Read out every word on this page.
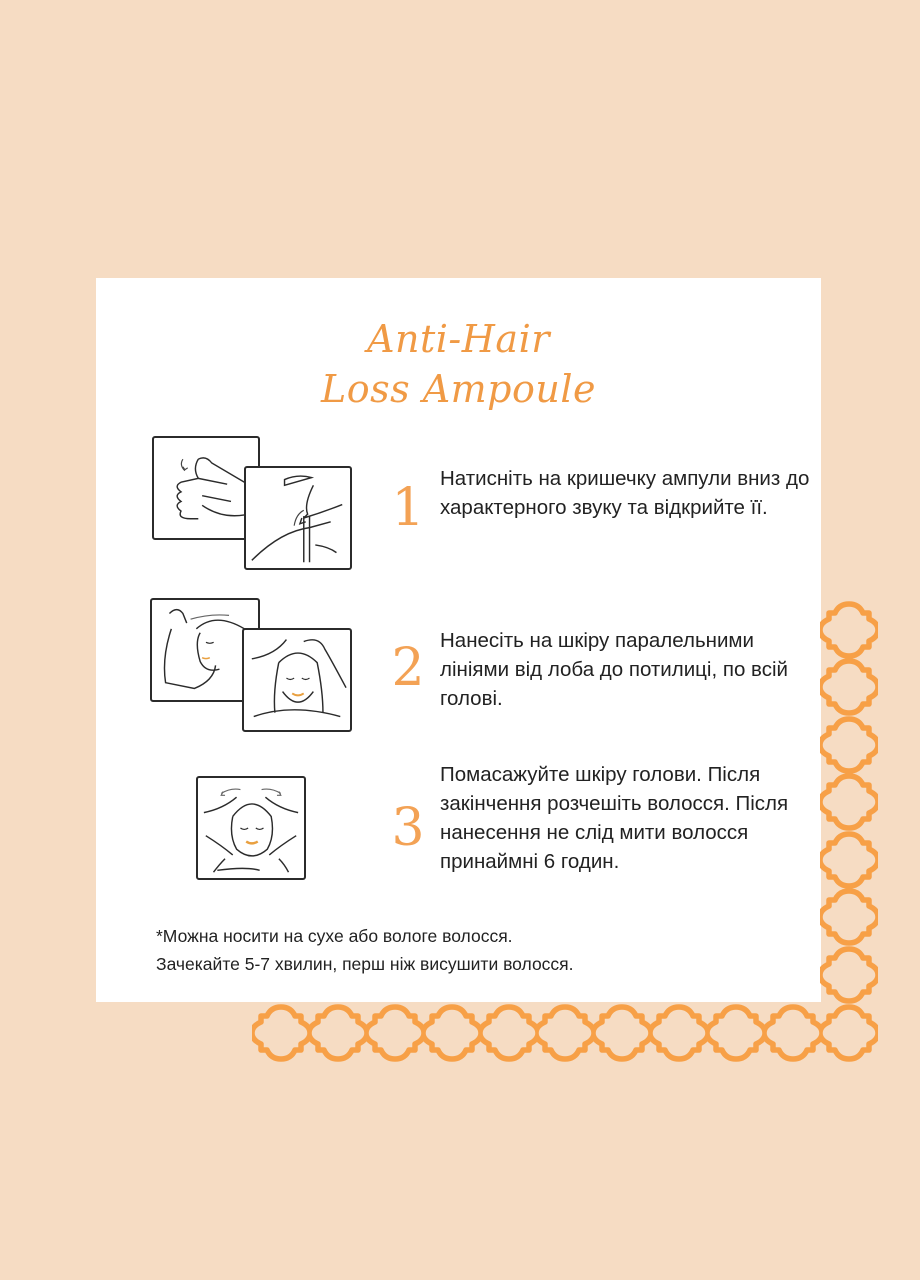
Anti-Hair
Loss Ampoule
1 Натисніть на кришечку ампули вниз до характерного звуку та відкрийте її.
2 Нанесіть на шкіру паралельними лініями від лоба до потилиці, по всій голові.
3
Помасажуйте шкіру голови. Після закінчення розчешіть волосся. Після нанесення не слід мити волосся принаймні 6 годин.
*Можна носити на сухе або вологе волосся.
Зачекайте 5-7 хвилин, перш ніж висушити волосся.
